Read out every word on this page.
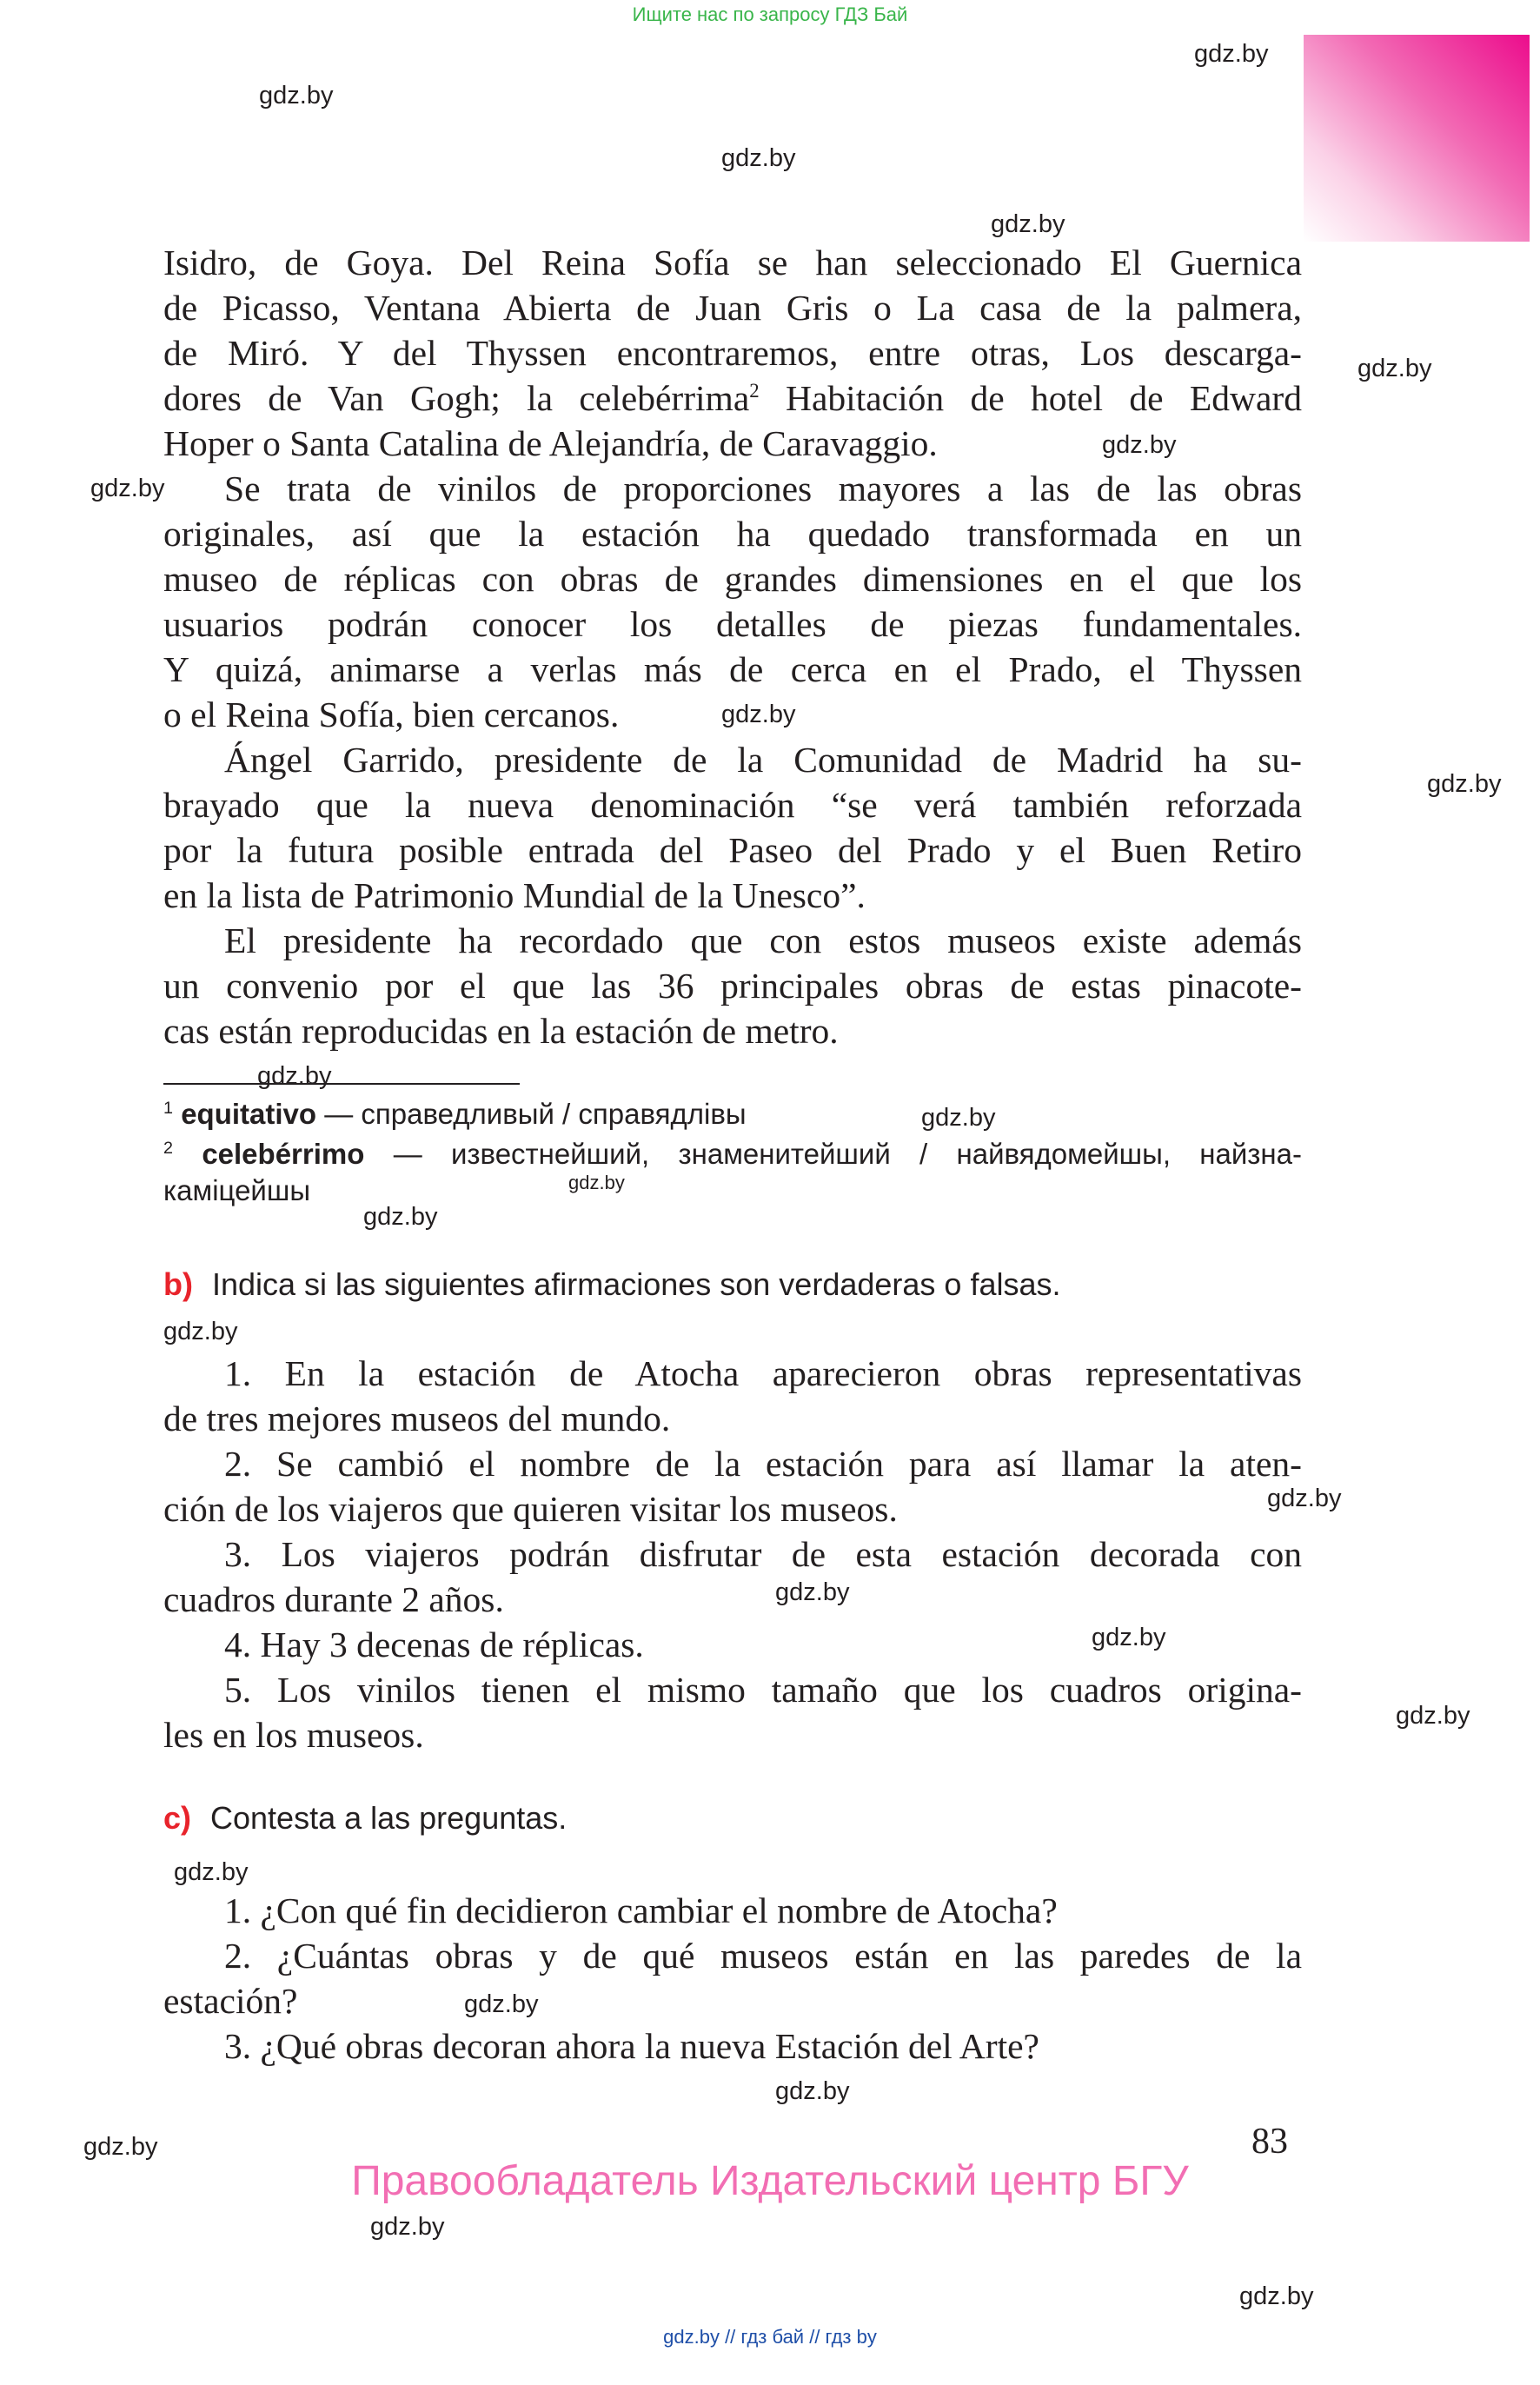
Ищите нас по запросу ГДЗ Бай
gdz.by
gdz.by
gdz.by
gdz.by
gdz.by
gdz.by
gdz.by
gdz.by
gdz.by
gdz.by
gdz.by
gdz.by
gdz.by
gdz.by
gdz.by
gdz.by
gdz.by
gdz.by
gdz.by
gdz.by
gdz.by
gdz.by
gdz.by
gdz.by
Isidro, de Goya. Del Reina Sofía se han seleccionado El Guernica
de Picasso, Ventana Abierta de Juan Gris o La casa de la palmera,
de Miró. Y del Thyssen encontraremos, entre otras, Los descarga-
dores de Van Gogh; la celebérrima$^2$ Habitación de hotel de Edward
Hoper o Santa Catalina de Alejandría, de Caravaggio.
Se trata de vinilos de proporciones mayores a las de las obras
originales, así que la estación ha quedado transformada en un
museo de réplicas con obras de grandes dimensiones en el que los
usuarios podrán conocer los detalles de piezas fundamentales.
Y quizá, animarse a verlas más de cerca en el Prado, el Thyssen
o el Reina Sofía, bien cercanos.
Ángel Garrido, presidente de la Comunidad de Madrid ha su-
brayado que la nueva denominación “se verá también reforzada
por la futura posible entrada del Paseo del Prado y el Buen Retiro
en la lista de Patrimonio Mundial de la Unesco”.
El presidente ha recordado que con estos museos existe además
un convenio por el que las 36 principales obras de estas pinacote-
cas están reproducidas en la estación de metro.
$^1$ equitativo — справедливый / справядлівы
$^2$ celebérrimo — известнейший, знаменитейший / найвядомейшы, найзна-
каміцейшы
b) Indica si las siguientes afirmaciones son verdaderas o falsas.
1. En la estación de Atocha aparecieron obras representativas
de tres mejores museos del mundo.
2. Se cambió el nombre de la estación para así llamar la aten-
ción de los viajeros que quieren visitar los museos.
3. Los viajeros podrán disfrutar de esta estación decorada con
cuadros durante 2 años.
4. Hay 3 decenas de réplicas.
5. Los vinilos tienen el mismo tamaño que los cuadros origina-
les en los museos.
c) Contesta a las preguntas.
1. ¿Con qué fin decidieron cambiar el nombre de Atocha?
2. ¿Cuántas obras y de qué museos están en las paredes de la
estación?
3. ¿Qué obras decoran ahora la nueva Estación del Arte?
83
Правообладатель Издательский центр БГУ
gdz.by // гдз бай // гдз by
